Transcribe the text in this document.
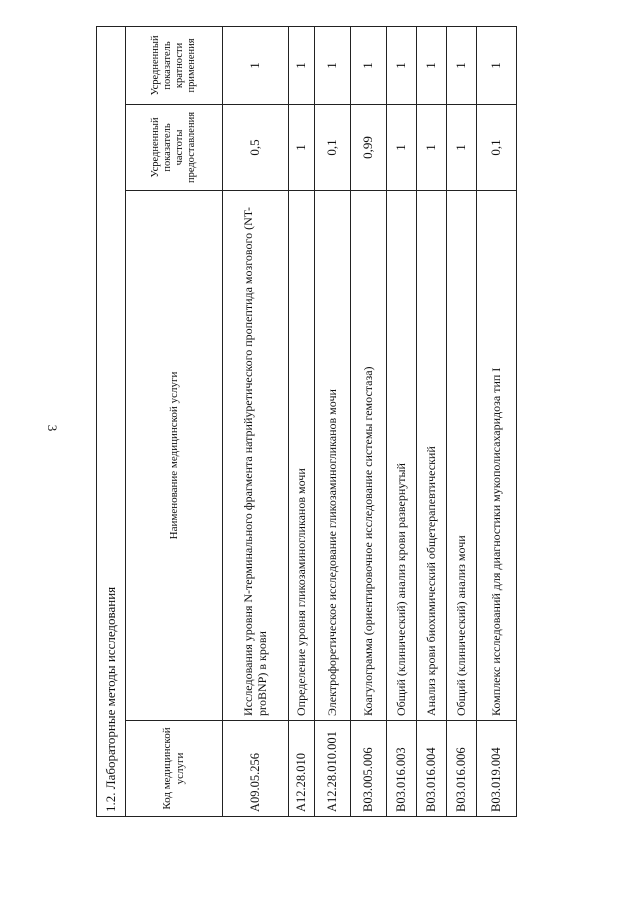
3
1.2. Лабораторные методы исследования			
Код медицинской услуги	Наименование медицинской услуги	Усредненный показатель частоты предоставления	Усредненный показатель кратности применения
A09.05.256	Исследования уровня N-терминального фрагмента натрийуретического пропептида мозгового (NT-proBNP) в крови	0,5	1
A12.28.010	Определение уровня гликозаминогликанов мочи	1	1
A12.28.010.001	Электрофоретическое исследование гликозаминогликанов мочи	0,1	1
B03.005.006	Коагулограмма (ориентировочное исследование системы гемостаза)	0,99	1
B03.016.003	Общий (клинический) анализ крови развернутый	1	1
B03.016.004	Анализ крови биохимический общетерапевтический	1	1
B03.016.006	Общий (клинический) анализ мочи	1	1
B03.019.004	Комплекс исследований для диагностики мукополисахаридоза тип I	0,1	1
